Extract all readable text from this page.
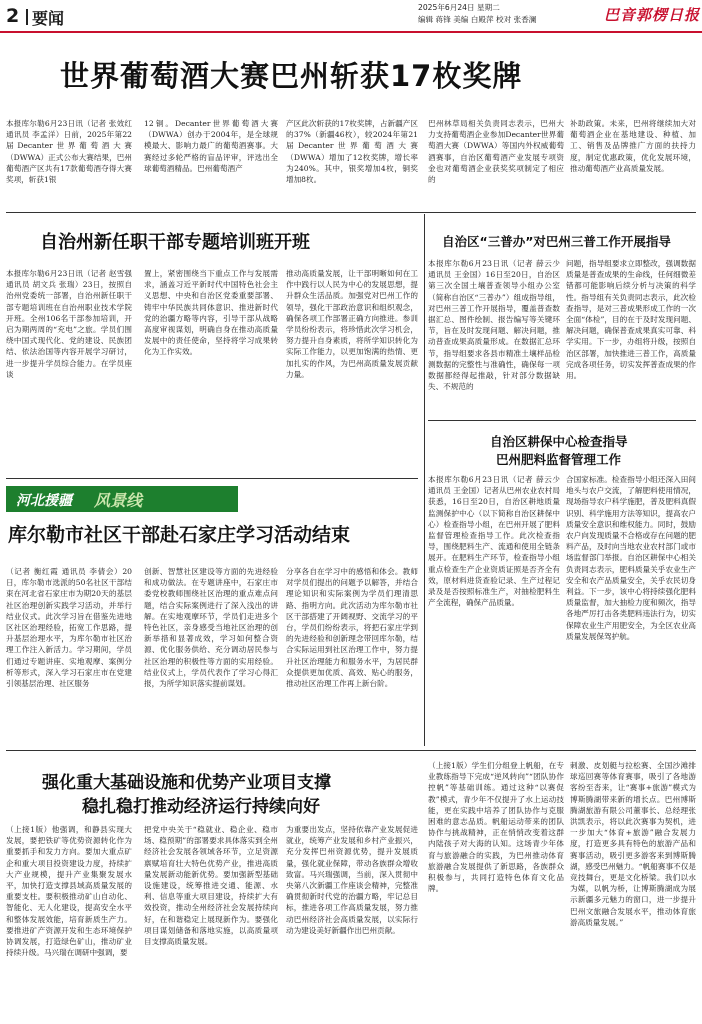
2 要闻
2025年6月24日 星期二
编辑 蒋锋 美编 白殿萍 校对 张香澜	巴音郭楞日报
世界葡萄酒大赛巴州斩获17枚奖牌
本报库尔勒6月23日讯（记者 张效红 通讯员 李孟洋）日前，2025年第22届Decanter世界葡萄酒大赛（DWWA）正式公布大赛结果，巴州葡萄酒产区共有17款葡萄酒夺得大赛奖项，斩获1银
12铜。Decanter世界葡萄酒大赛（DWWA）创办于2004年，是全球规模最大、影响力最广的葡萄酒赛事。大赛经过多轮严格的盲品评审，评选出全球葡萄酒精品。巴州葡萄酒产
产区此次斩获的17枚奖牌，占新疆产区的37%（新疆46枚），较2024年第21届Decanter世界葡萄酒大赛（DWWA）增加了12枚奖牌，增长率为240%。其中，银奖增加4枚，铜奖增加8枚。
巴州林草局相关负责同志表示，巴州大力支持葡萄酒企业参加Decanter世界葡萄酒大赛（DWWA）等国内外权威葡萄酒赛事，自治区葡萄酒产业发展专项资金也对葡萄酒企业获奖奖项制定了相应的
补助政策。未来，巴州将继续加大对葡萄酒企业在基地建设、种植、加工、销售及品牌推广方面的扶持力度，制定优惠政策，优化发展环境，推动葡萄酒产业高质量发展。
自治州新任职干部专题培训班开班
本报库尔勒6月23日讯（记者 赵雪强 通讯员 胡文兵 张瑞）23日，按照自治州党委统一部署，自治州新任职干部专题培训班在自治州职业技术学院开班。全州106名干部参加培训，开启为期两周的“充电”之旅。学员们围绕中国式现代化、党的建设、民族团结、依法治国等内容开展学习研讨，进一步提升学员综合能力。在学员座谈
置上，紧密围绕当下重点工作与发展需求，涵盖习近平新时代中国特色社会主义思想、中央和自治区党委重要部署、铸牢中华民族共同体意识、推进新时代党的治疆方略等内容，引导干部从战略高度审视谋划，明确自身在推动高质量发展中的责任使命，坚持将学习成果转化为工作实效。
推动高质量发展，让干部明晰如何在工作中践行以人民为中心的发展思想，提升群众生活品质。加强党对巴州工作的领导，强化干部政治意识和组织观念，确保各项工作部署正确方向推进。参训学员纷纷表示，将珍惜此次学习机会，努力提升自身素质，将所学知识转化为实际工作能力，以更加饱满的热情、更加扎实的作风，为巴州高质量发展贡献力量。
自治区“三普办”对巴州三普工作开展指导
本报库尔勒6月23日讯（记者 薛云少 通讯员 王金国）16日至20日，自治区第三次全国土壤普查领导小组办公室（简称自治区“三普办”）组成指导组，对巴州三普工作开展指导，覆盖普查数据汇总、图件绘制、报告编写等关键环节，旨在及时发现问题、解决问题，推动普查成果高质量形成。在数据汇总环节，指导组要求各县市精准土壤样品检测数据的完整性与准确性，确保每一项数据都经得起推敲，针对部分数据缺失、不规范的
问题，指导组要求立即整改，强调数据质量是普查成果的生命线，任何细微差错都可能影响后续分析与决策的科学性。指导组有关负责同志表示，此次检查指导，是对三普成果形成工作的一次全面“体检”，目的在于及时发现问题、解决问题，确保普查成果真实可靠、科学实用。下一步，办组将升级，按照自治区部署，加快推进三普工作，高质量完成各项任务，切实发挥普查成果的作用。
自治区耕保中心检查指导
巴州肥料监督管理工作
本报库尔勒6月23日讯（记者 薛云少 通讯员 王金国）记者从巴州农业农村局获悉，16日至20日，自治区耕地质量监测保护中心（以下简称自治区耕保中心）检查指导小组，在巴州开展了肥料监督管理检查指导工作。此次检查指导，围绕肥料生产、流通和使用全链条展开。在肥料生产环节，检查指导小组重点检查生产企业资质证照是否齐全有效，原材料进货查验记录、生产过程记录及是否按照标准生产，对抽检肥料生产全流程，确保产品质量。
合国家标准。检查指导小组还深入田间地头与农户交流，了解肥料使用情况，现场指导农户科学施肥，普及肥料真假识别、科学施用方法等知识，提高农户质量安全意识和维权能力。同时，鼓励农户向发现质量不合格或存在问题的肥料产品，及时向当地农业农村部门或市场监督部门举报。自治区耕保中心相关负责同志表示，肥料质量关乎农业生产安全和农产品质量安全，关乎农民切身利益。下一步，该中心将持续强化肥料质量监督，加大抽检力度和频次，指导各地严厉打击各类肥料违法行为，切实保障农业生产用肥安全，为全区农业高质量发展保驾护航。
河北援疆 风景线
库尔勒市社区干部赴石家庄学习活动结束
（记者 衡红霞 通讯员 李倩会）20日，库尔勒市选派的50名社区干部结束在河北省石家庄市为期20天的基层社区治理创新实践学习活动，并举行结业仪式。此次学习旨在借鉴先进地区社区治理经验，拓宽工作思路，提升基层治理水平，为库尔勒市社区治理工作注入新活力。学习期间，学员们通过专题讲座、实地观摩、案例分析等形式，深入学习石家庄市在党建引领基层治理、社区服务
创新、智慧社区建设等方面的先进经验和成功做法。在专题讲座中，石家庄市委党校教师围绕社区治理的重点难点问题，结合实际案例进行了深入浅出的讲解。在实地观摩环节，学员们走进多个特色社区，亲身感受当地社区治理的创新举措和显著成效，学习如何整合资源、优化服务供给、充分调动居民参与社区治理的积极性等方面的实用经验。结业仪式上，学员代表作了学习心得汇报，为所学知识落实提前谋划。
分享各自在学习中的感悟和体会。教师对学员们提出的问题予以解答，并结合理论知识和实际案例为学员们理清思路、指明方向。此次活动为库尔勒市社区干部搭建了开阔视野、交流学习的平台，学员们纷纷表示，将把石家庄学到的先进经验和创新理念带回库尔勒，结合实际运用到社区治理工作中，努力提升社区治理能力和服务水平，为居民群众提供更加优质、高效、贴心的服务，推动社区治理工作再上新台阶。
强化重大基础设施和优势产业项目支撑
稳扎稳打推动经济运行持续向好
（上接1版）他强调，和静县实现大发展，要把铁矿等优势资源转化作为重要抓手和发力方向。要加大重点矿企和重大项目投资建设力度，持续扩大产业规模，提升产业集聚发展水平，加快打造支撑县域高质量发展的重要支柱。要积极推动矿山自动化、智能化、无人化建设，提高安全水平和整体发展效能，培育新质生产力。要推进矿产资源开发和生态环境保护协调发展，打造绿色矿山，推动矿业持续升级。马兴瑞在调研中强调，要
把党中央关于“稳就业、稳企业、稳市场、稳预期”的部署要求具体落实到全州经济社会发展各领域各环节，立足资源禀赋培育壮大特色优势产业，推进高质量发展新动能新优势。要加强新型基础设施建设，统筹推进交通、能源、水利、信息等重大项目建设，持续扩大有效投资，推动全州经济社会发展持续向好，在和谐稳定上展现新作为。要强化项目谋划储备和落地实施，以高质量项目支撑高质量发展。
为重要出发点，坚持依靠产业发展促进就业，统筹产业发展和乡村产业振兴，充分发挥巴州资源优势，提升发展质量，强化就业保障，带动各族群众增收致富。马兴瑞强调，当前，深入贯彻中央第八次新疆工作座谈会精神，完整准确贯彻新时代党的治疆方略，牢记总目标，推进各项工作高质量发展，努力推动巴州经济社会高质量发展，以实际行动为建设美好新疆作出巴州贡献。
（上接1版）学生们分组登上帆船，在专业教练指导下完成“逆风转向”“团队协作控帆”等基础训练。通过这种“以赛促教”模式，青少年不仅提升了水上运动技能，更在实践中培养了团队协作与克服困难的意志品质。帆船运动带来的团队协作与挑战精神，正在悄悄改变着这群内陆孩子对大海的认知。这场青少年体育与旅游融合的实践，为巴州推动体育旅游融合发展提供了新思路，各族群众积极参与，共同打造特色体育文化品牌。
刺激、皮划艇与拉松赛、全国沙滩排球巡回赛等体育赛事，吸引了各地游客纷至沓来，让“赛事+旅游”模式为博斯腾湖带来新的增长点。巴州博斯腾湖旅游有限公司董事长、总经理张洪凯表示，将以此次赛事为契机，进一步加大“体育+旅游”融合发展力度，打造更多具有特色的旅游产品和赛事活动，吸引更多游客来到博斯腾湖，感受巴州魅力。“帆船赛事不仅是竞技舞台，更是文化桥梁。我们以水为媒，以帆为桥，让博斯腾湖成为展示新疆多元魅力的窗口，进一步提升巴州文旅融合发展水平，推动体育旅游高质量发展。”
